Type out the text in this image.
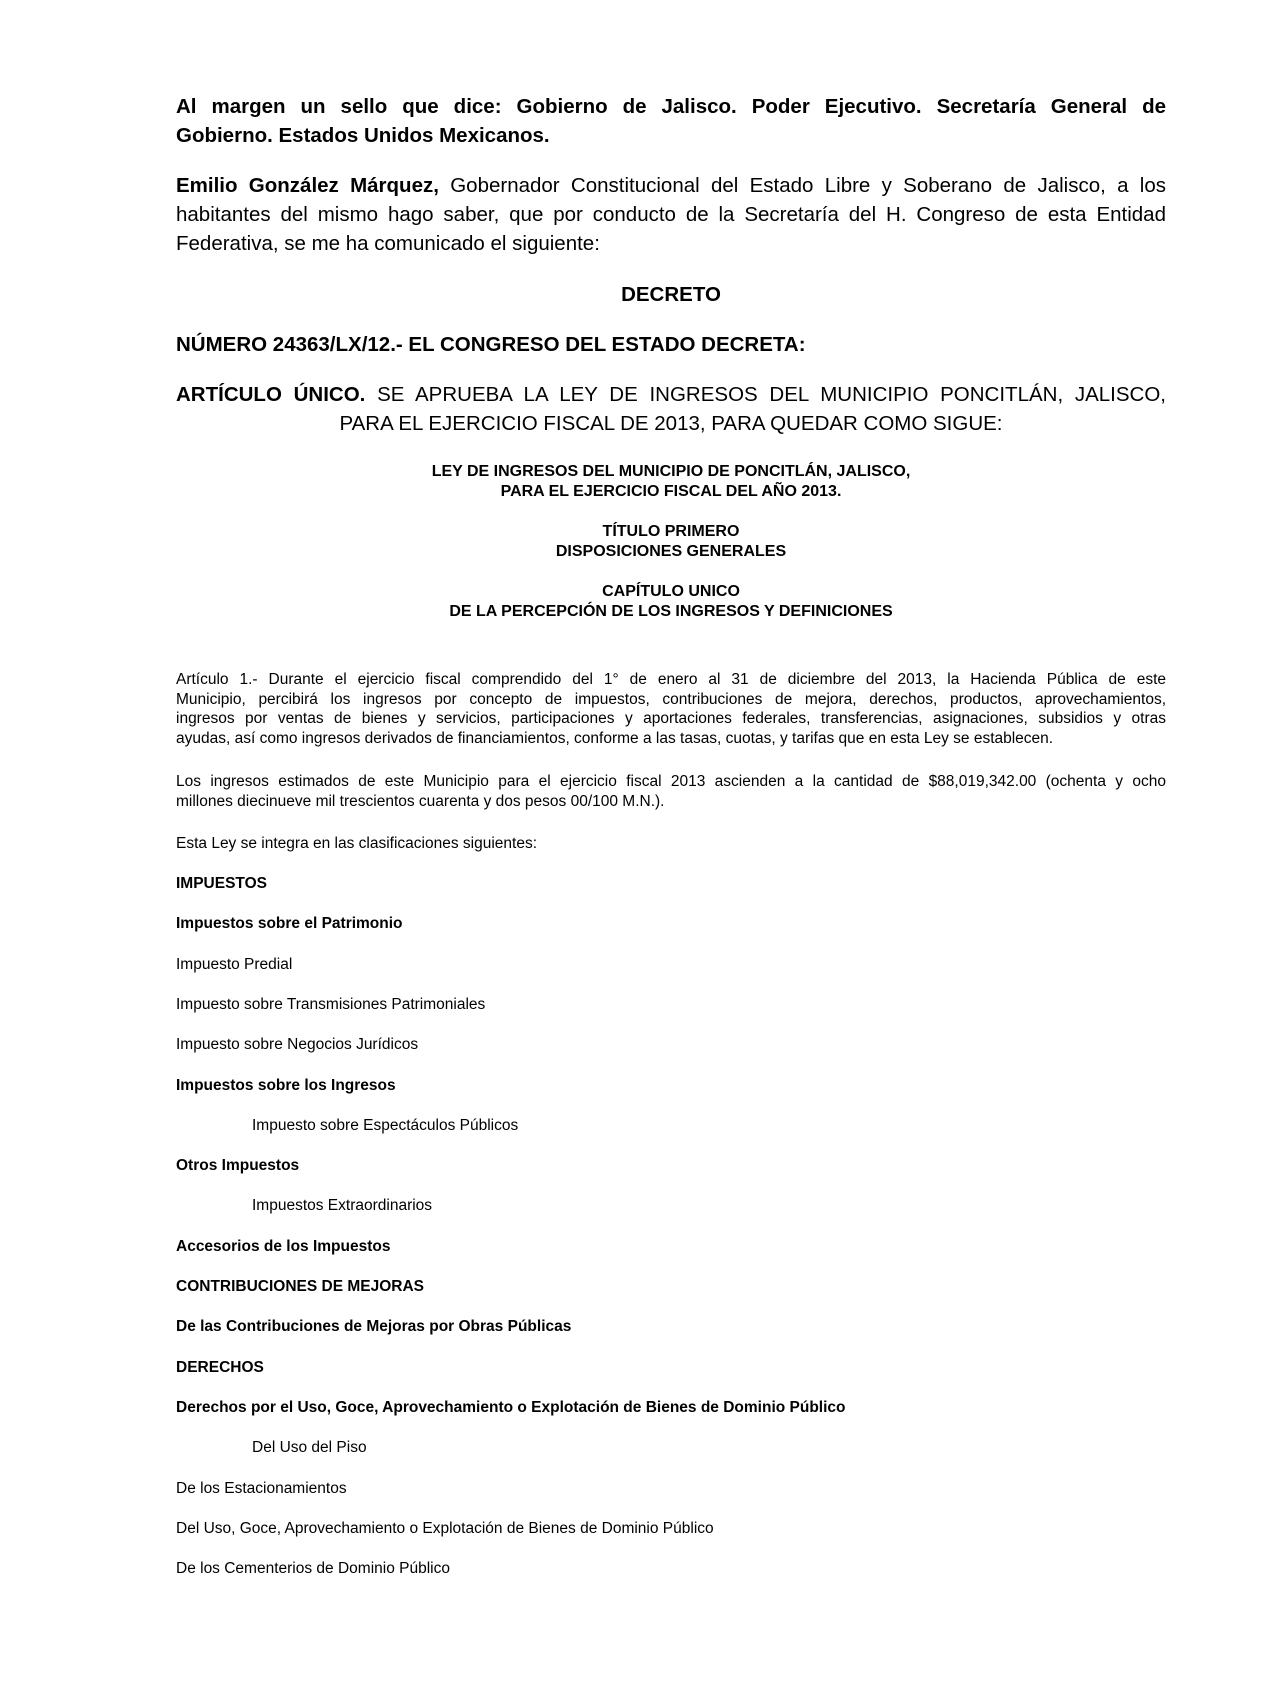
Al margen un sello que dice: Gobierno de Jalisco. Poder Ejecutivo. Secretaría General de
Gobierno. Estados Unidos Mexicanos.
Emilio González Márquez, Gobernador Constitucional del Estado Libre y Soberano de Jalisco, a los
habitantes del mismo hago saber, que por conducto de la Secretaría del H. Congreso de esta Entidad
Federativa, se me ha comunicado el siguiente:
DECRETO
NÚMERO 24363/LX/12.- EL CONGRESO DEL ESTADO DECRETA:
ARTÍCULO ÚNICO. SE APRUEBA LA LEY DE INGRESOS DEL MUNICIPIO PONCITLÁN, JALISCO,
PARA EL EJERCICIO FISCAL DE 2013, PARA QUEDAR COMO SIGUE:
LEY DE INGRESOS DEL MUNICIPIO DE PONCITLÁN, JALISCO,
PARA EL EJERCICIO FISCAL DEL AÑO 2013.
TÍTULO PRIMERO
DISPOSICIONES GENERALES
CAPÍTULO UNICO
DE LA PERCEPCIÓN DE LOS INGRESOS Y DEFINICIONES
Artículo 1.- Durante el ejercicio fiscal comprendido del 1° de enero al 31 de diciembre del 2013, la Hacienda Pública de este
Municipio, percibirá los ingresos por concepto de impuestos, contribuciones de mejora, derechos, productos, aprovechamientos,
ingresos por ventas de bienes y servicios, participaciones y aportaciones federales, transferencias, asignaciones, subsidios y otras
ayudas, así como ingresos derivados de financiamientos, conforme a las tasas, cuotas, y tarifas que en esta Ley se establecen.
Los ingresos estimados de este Municipio para el ejercicio fiscal 2013 ascienden a la cantidad de $88,019,342.00 (ochenta y ocho
millones diecinueve mil trescientos cuarenta y dos pesos 00/100 M.N.).
Esta Ley se integra en las clasificaciones siguientes:
IMPUESTOS
Impuestos sobre el Patrimonio
Impuesto Predial
Impuesto sobre Transmisiones Patrimoniales
Impuesto sobre Negocios Jurídicos
Impuestos sobre los Ingresos
Impuesto sobre Espectáculos Públicos
Otros Impuestos
Impuestos Extraordinarios
Accesorios de los Impuestos
CONTRIBUCIONES DE MEJORAS
De las Contribuciones de Mejoras por Obras Públicas
DERECHOS
Derechos por el Uso, Goce, Aprovechamiento o Explotación de Bienes de Dominio Público
Del Uso del Piso
De los Estacionamientos
Del Uso, Goce, Aprovechamiento o Explotación de Bienes de Dominio Público
De los Cementerios de Dominio Público
